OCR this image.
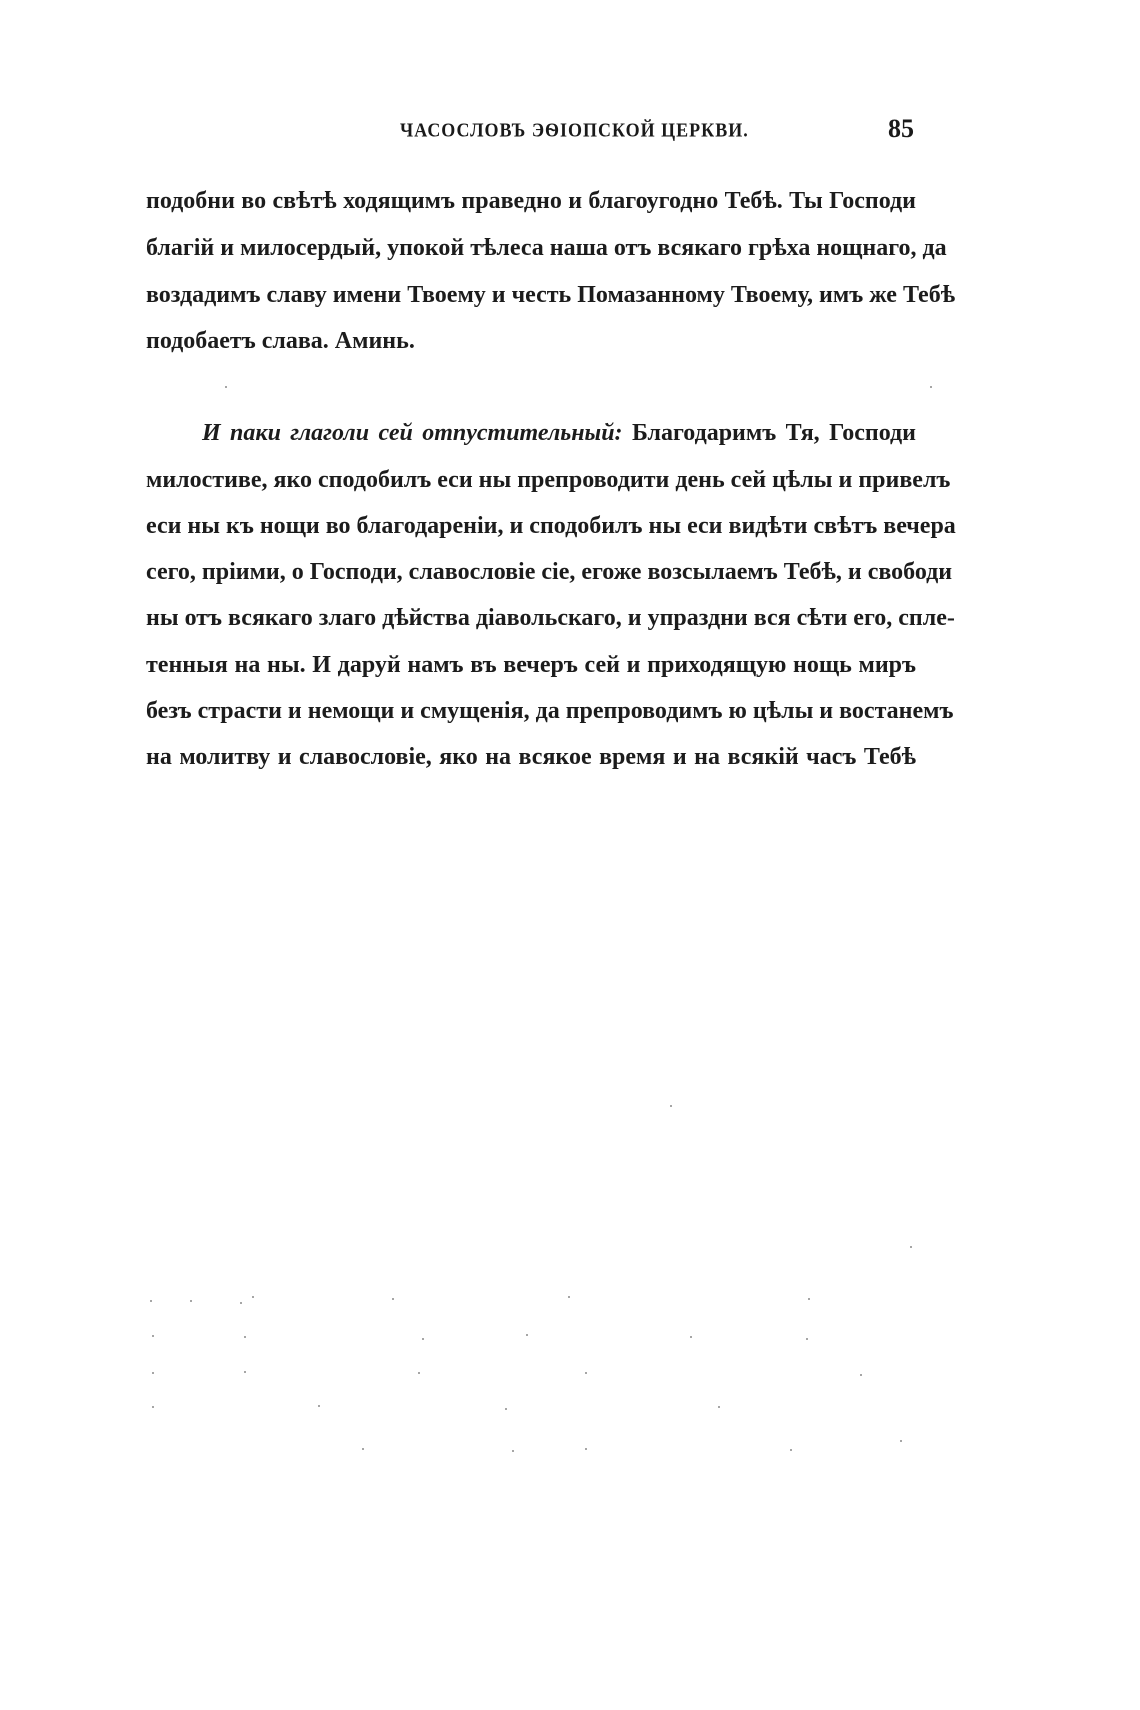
ЧАСОСЛОВЪ ЭѲІОПСКОЙ ЦЕРКВИ.	85
подобни во свѣтѣ ходящимъ праведно и благоугодно Тебѣ. Ты Господи
благій и милосердый, упокой тѣлеса наша отъ всякаго грѣха нощнаго, да
воздадимъ славу имени Твоему и честь Помазанному Твоему, имъ же Тебѣ
подобаетъ слава. Аминь.
И паки глаголи сей отпустительный: Благодаримъ Тя, Господи
милостиве, яко сподобилъ еси ны препроводити день сей цѣлы и привелъ
еси ны къ нощи во благодареніи, и сподобилъ ны еси видѣти свѣтъ вечера
сего, пріими, о Господи, славословіе сіе, егоже возсылаемъ Тебѣ, и свободи
ны отъ всякаго злаго дѣйства діавольскаго, и упраздни вся сѣти его, спле-
тенныя на ны. И даруй намъ въ вечеръ сей и приходящую нощь миръ
безъ страсти и немощи и смущенія, да препроводимъ ю цѣлы и востанемъ
на молитву и славословіе, яко на всякое время и на всякій часъ Тебѣ
